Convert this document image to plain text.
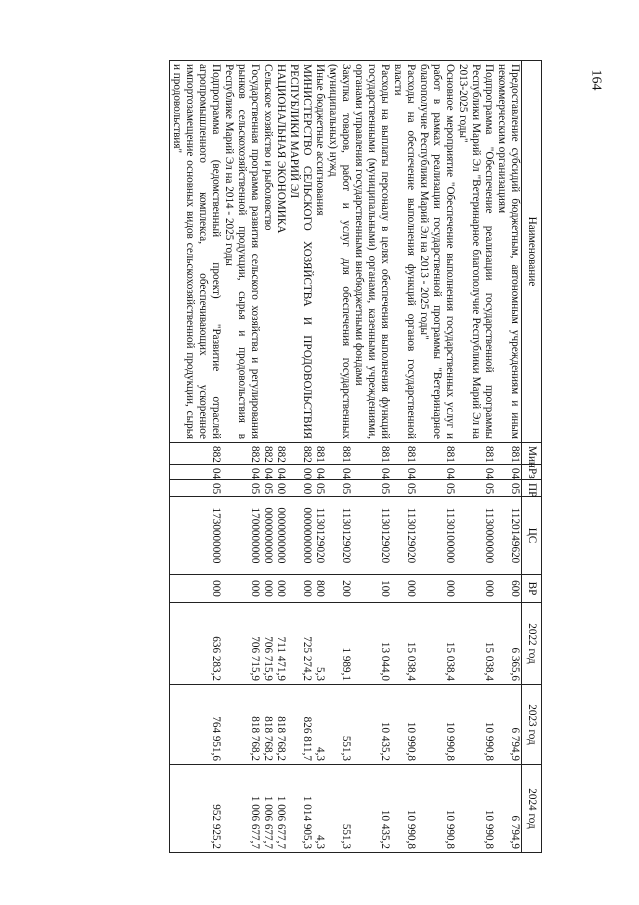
164
Наименование	Мин	Рз	ПР	ЦС	ВР	2022 год	2023 год	2024 год
Предоставление субсидий бюджетным, автономным учреждениям и иным некоммерческим организациям	881	04	05	1120149620	600	6 365,6	6 794,9	6 794,9
Подпрограмма "Обеспечение реализации государственной программы Республики Марий Эл "Ветеринарное благополучие Республики Марий Эл на 2013-2025 годы"	881	04	05	1130000000	000	15 038,4	10 990,8	10 990,8
Основное мероприятие "Обеспечение выполнения государственных услуг и работ в рамках реализации государственной программы "Ветеринарное благополучие Республики Марий Эл на 2013 - 2025 годы"	881	04	05	1130100000	000	15 038,4	10 990,8	10 990,8
Расходы на обеспечение выполнения функций органов государственной власти	881	04	05	1130129020	000	15 038,4	10 990,8	10 990,8
Расходы на выплаты персоналу в целях обеспечения выполнения функций государственными (муниципальными) органами, казенными учреждениями, органами управления государственными внебюджетными фондами	881	04	05	1130129020	100	13 044,0	10 435,2	10 435,2
Закупка товаров, работ и услуг для обеспечения государственных (муниципальных) нужд	881	04	05	1130129020	200	1 989,1	551,3	551,3
Иные бюджетные ассигнования	881	04	05	1130129020	800	5,3	4,3	4,3
МИНИСТЕРСТВО СЕЛЬСКОГО ХОЗЯЙСТВА И ПРОДОВОЛЬСТВИЯ РЕСПУБЛИКИ МАРИЙ ЭЛ	882	00	00	0000000000	000	725 274,2	826 811,7	1 014 905,3
НАЦИОНАЛЬНАЯ ЭКОНОМИКА	882	04	00	0000000000	000	711 471,9	818 768,2	1 006 677,7
Сельское хозяйство и рыболовство	882	04	05	0000000000	000	706 715,9	818 768,2	1 006 677,7
Государственная программа развития сельского хозяйства и регулирования рынков сельскохозяйственной продукции, сырья и продовольствия в Республике Марий Эл на 2014 - 2025 годы	882	04	05	1700000000	000	706 715,9	818 768,2	1 006 677,7
Подпрограмма (ведомственный проект) "Развитие отраслей агропромышленного комплекса, обеспечивающих ускоренное импортозамещение основных видов сельскохозяйственной продукции, сырья и продовольствия"	882	04	05	1730000000	000	636 283,2	764 951,6	952 925,2
